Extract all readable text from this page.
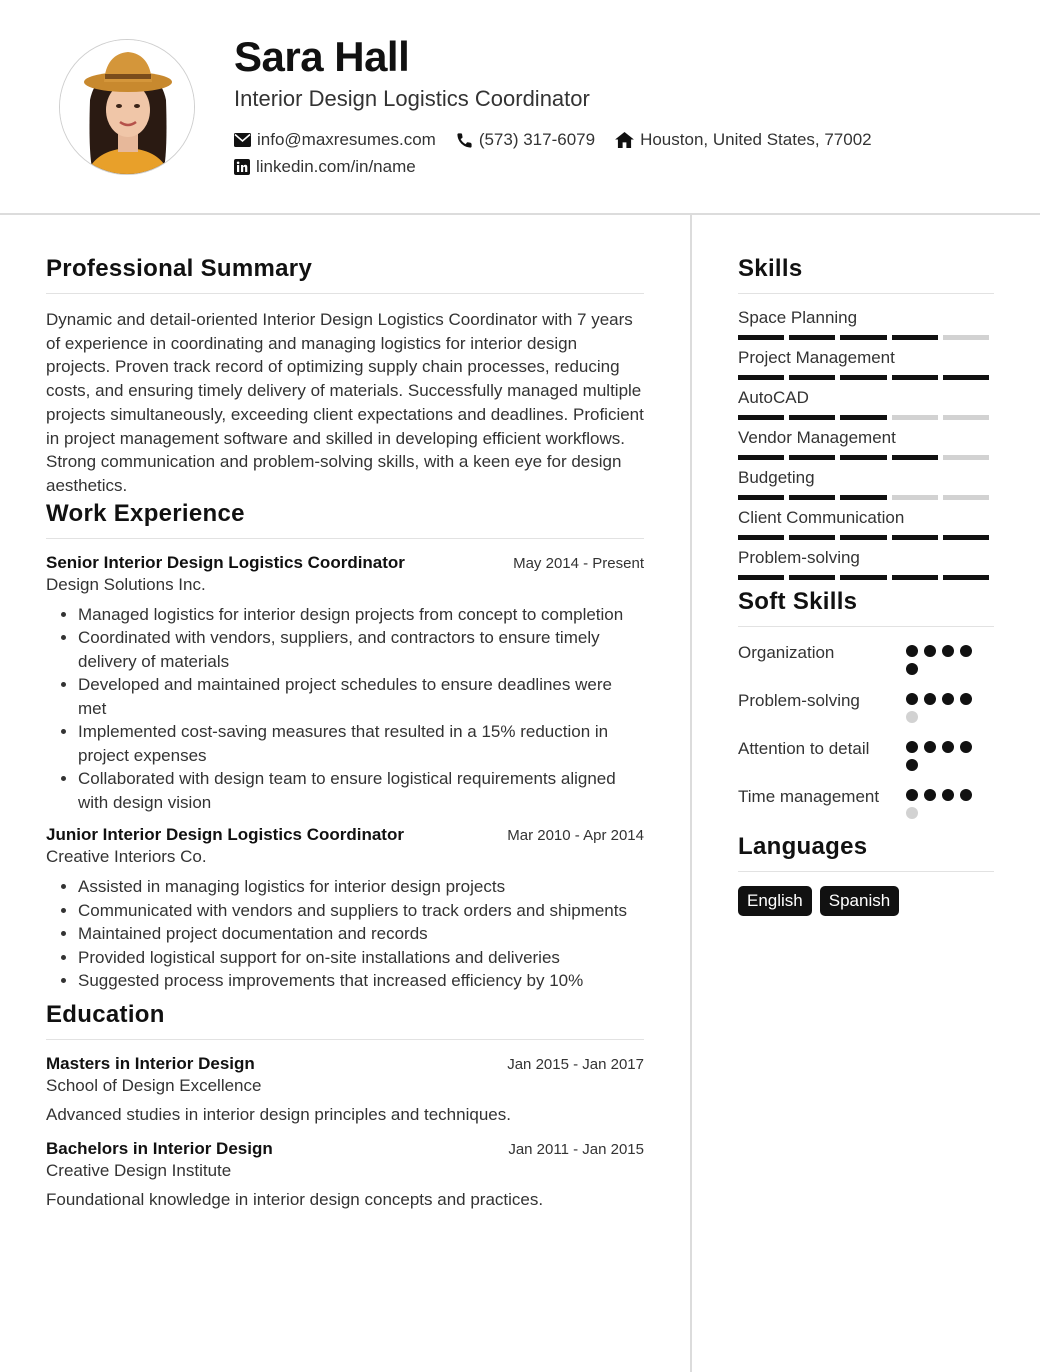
Sara Hall
Interior Design Logistics Coordinator
info@maxresumes.com	(573) 317-6079	Houston, United States, 77002
linkedin.com/in/name
Professional Summary
Dynamic and detail-oriented Interior Design Logistics Coordinator with 7 years of experience in coordinating and managing logistics for interior design projects. Proven track record of optimizing supply chain processes, reducing costs, and ensuring timely delivery of materials. Successfully managed multiple projects simultaneously, exceeding client expectations and deadlines. Proficient in project management software and skilled in developing efficient workflows. Strong communication and problem-solving skills, with a keen eye for design aesthetics.
Work Experience
Senior Interior Design Logistics Coordinator	May 2014 - Present
Design Solutions Inc.
• Managed logistics for interior design projects from concept to completion
• Coordinated with vendors, suppliers, and contractors to ensure timely delivery of materials
• Developed and maintained project schedules to ensure deadlines were met
• Implemented cost-saving measures that resulted in a 15% reduction in project expenses
• Collaborated with design team to ensure logistical requirements aligned with design vision
Junior Interior Design Logistics Coordinator	Mar 2010 - Apr 2014
Creative Interiors Co.
• Assisted in managing logistics for interior design projects
• Communicated with vendors and suppliers to track orders and shipments
• Maintained project documentation and records
• Provided logistical support for on-site installations and deliveries
• Suggested process improvements that increased efficiency by 10%
Education
Masters in Interior Design	Jan 2015 - Jan 2017
School of Design Excellence
Advanced studies in interior design principles and techniques.
Bachelors in Interior Design	Jan 2011 - Jan 2015
Creative Design Institute
Foundational knowledge in interior design concepts and practices.
Skills
Space Planning
Project Management
AutoCAD
Vendor Management
Budgeting
Client Communication
Problem-solving
Soft Skills
Organization
Problem-solving
Attention to detail
Time management
Languages
English	Spanish
